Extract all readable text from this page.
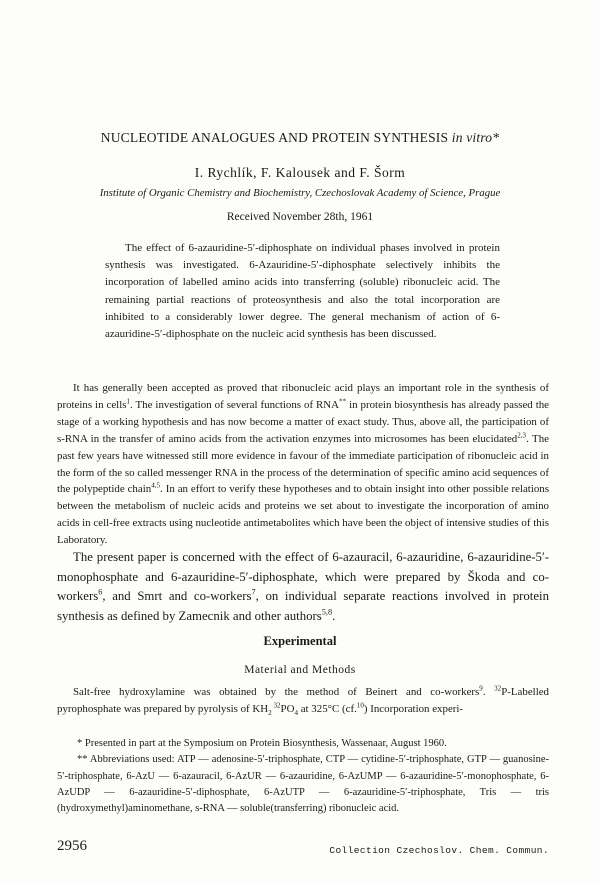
NUCLEOTIDE ANALOGUES AND PROTEIN SYNTHESIS in vitro*
I. Rychlík, F. Kalousek and F. Šorm
Institute of Organic Chemistry and Biochemistry, Czechoslovak Academy of Science, Prague
Received November 28th, 1961

The effect of 6-azauridine-5′-diphosphate on individual phases involved in protein synthesis was investigated. 6-Azauridine-5′-diphosphate selectively inhibits the incorporation of labelled amino acids into transferring (soluble) ribonucleic acid. The remaining partial reactions of proteosynthesis and also the total incorporation are inhibited to a considerably lower degree. The general mechanism of action of 6-azauridine-5′-diphosphate on the nucleic acid synthesis has been discussed.

It has generally been accepted as proved that ribonucleic acid plays an important role in the synthesis of proteins in cells$^1$. The investigation of several functions of RNA** in protein biosynthesis has already passed the stage of a working hypothesis and has now become a matter of exact study. Thus, above all, the participation of s-RNA in the transfer of amino acids from the activation enzymes into microsomes has been elucidated$^{2,3}$. The past few years have witnessed still more evidence in favour of the immediate participation of ribonucleic acid in the form of the so called messenger RNA in the process of the determination of specific amino acid sequences of the polypeptide chain$^{4,5}$. In an effort to verify these hypotheses and to obtain insight into other possible relations between the metabolism of nucleic acids and proteins we set about to investigate the incorporation of amino acids in cell-free extracts using nucleotide antimetabolites which have been the object of intensive studies of this Laboratory.

The present paper is concerned with the effect of 6-azauracil, 6-azauridine, 6-azauridine-5′-monophosphate and 6-azauridine-5′-diphosphate, which were prepared by Škoda and co-workers$^6$, and Smrt and co-workers$^7$, on individual separate reactions involved in protein synthesis as defined by Zamecnik and other authors$^{5,8}$.

Experimental
Material and Methods

Salt-free hydroxylamine was obtained by the method of Beinert and co-workers$^9$. $^{32}$P-Labelled pyrophosphate was prepared by pyrolysis of $KH_2$ $^{32}PO_4$ at 325°C (cf.$^{10}$) Incorporation experi-

* Presented in part at the Symposium on Protein Biosynthesis, Wassenaar, August 1960.

** Abbreviations used: ATP — adenosine-5′-triphosphate, CTP — cytidine-5′-triphosphate, GTP — guanosine-5′-triphosphate, 6-AzU — 6-azauracil, 6-AzUR — 6-azauridine, 6-AzUMP — 6-azauridine-5′-monophosphate, 6-AzUDP — 6-azauridine-5′-diphosphate, 6-AzUTP — 6-azauridine-5′-triphosphate, Tris — tris (hydroxymethyl)aminomethane, s-RNA — soluble(transferring) ribonucleic acid.

2956	Collection Czechoslov. Chem. Commun.
